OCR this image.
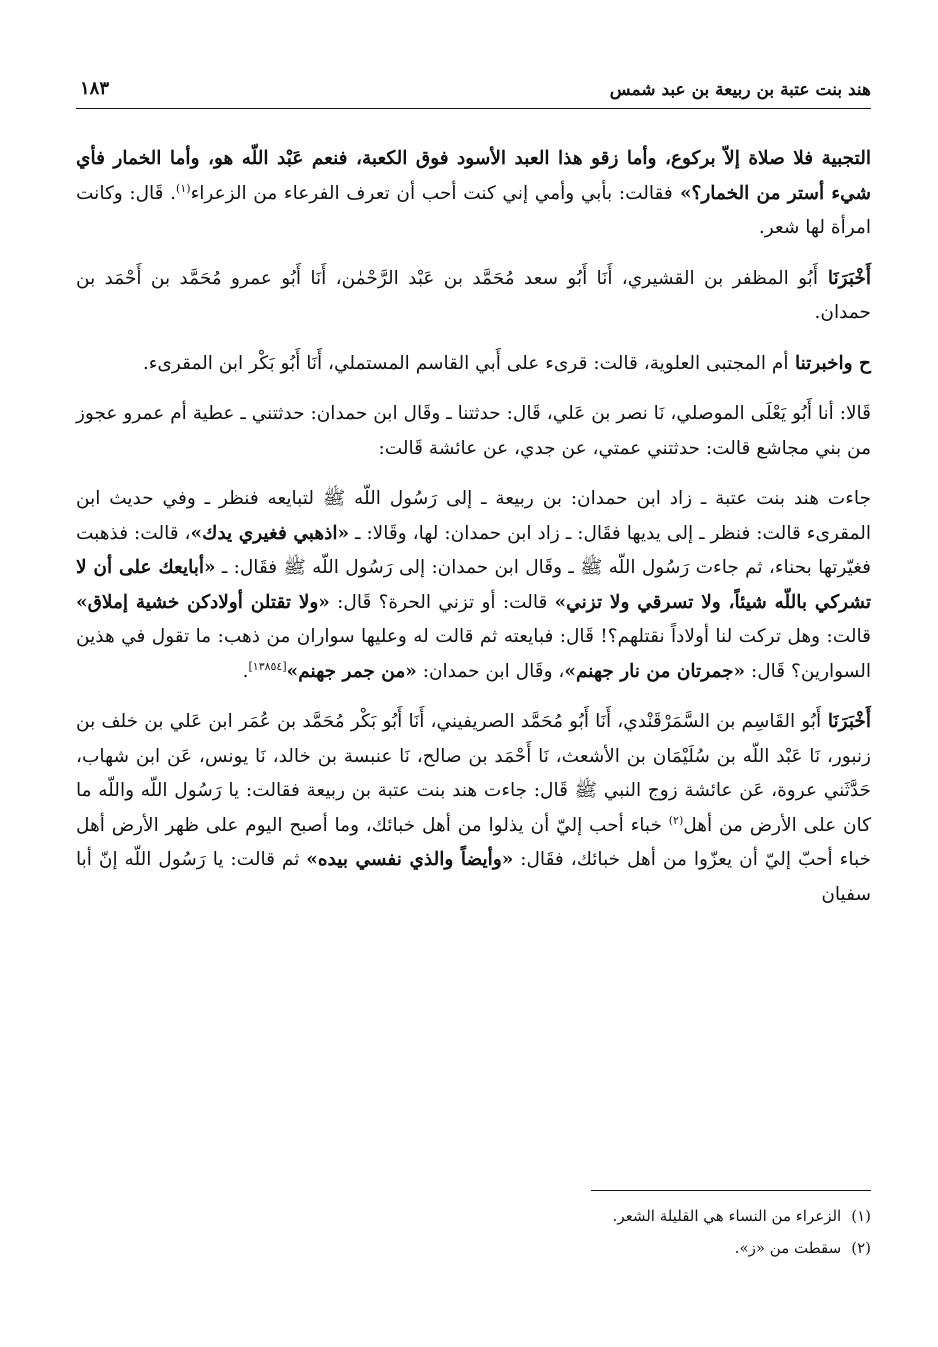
هند بنت عتبة بن ربيعة بن عبد شمس
١٨٣

التجبية فلا صلاة إلاّ بركوع، وأما زقو هذا العبد الأسود فوق الكعبة، فنعم عَبْد اللّه هو، وأما الخمار فأي شيء أستر من الخمار؟» فقالت: بأبي وأمي إني كنت أحب أن تعرف الفرعاء من الزعراء$^{(١)}$. قَال: وكانت امرأة لها شعر.

أَخْبَرَنَا أَبُو المظفر بن القشيري، أَنَا أَبُو سعد مُحَمَّد بن عَبْد الرَّحْمٰن، أَنَا أَبُو عمرو مُحَمَّد بن أَحْمَد بن حمدان.

ح واخبرتنا أم المجتبى العلوية، قالت: قرىء على أَبي القاسم المستملي، أَنَا أَبُو بَكْر ابن المقرىء.

قَالا: أنا أَبُو يَعْلَى الموصلي، نَا نصر بن عَلي، قَال: حدثتنا ـ وقَال ابن حمدان: حدثتني ـ عطية أم عمرو عجوز من بني مجاشع قالت: حدثتني عمتي، عن جدي، عن عائشة قَالت:

جاءت هند بنت عتبة ـ زاد ابن حمدان: بن ربيعة ـ إلى رَسُول اللّه ﷺ لتبايعه فنظر ـ وفي حديث ابن المقرىء قالت: فنظر ـ إلى يديها فقَال: ـ زاد ابن حمدان: لها، وقَالا: ـ «اذهبي فغيري يدك»، قالت: فذهبت فغيّرتها بحناء، ثم جاءت رَسُول اللّه ﷺ ـ وقَال ابن حمدان: إلى رَسُول اللّه ﷺ فقَال: ـ «أبايعك على أن لا تشركي باللّه شيئاً، ولا تسرقي ولا تزني» قالت: أو تزني الحرة؟ قَال: «ولا تقتلن أولادكن خشية إملاق» قالت: وهل تركت لنا أولاداً نقتلهم؟! قَال: فبايعته ثم قالت له وعليها سواران من ذهب: ما تقول في هذين السوارين؟ قَال: «جمرتان من نار جهنم»، وقَال ابن حمدان: «من جمر جهنم»[١٣٨٥٤].

أَخْبَرَنَا أَبُو القَاسِم بن السَّمَرْقَنْدي، أَنَا أَبُو مُحَمَّد الصريفيني، أَنَا أَبُو بَكْر مُحَمَّد بن عُمَر ابن عَلي بن خلف بن زنبور، نَا عَبْد اللّه بن سُلَيْمَان بن الأشعث، نَا أَحْمَد بن صالح، نَا عنبسة بن خالد، نَا يونس، عَن ابن شهاب، حَدَّثَني عروة، عَن عائشة زوج النبي ﷺ قَال: جاءت هند بنت عتبة بن ربيعة فقالت: يا رَسُول اللّه واللّه ما كان على الأرض من أهل$^{(٢)}$ خباء أحب إليّ أن يذلوا من أهل خبائك، وما أصبح اليوم على ظهر الأرض أهل خباء أحبّ إليّ أن يعزّوا من أهل خبائك، فقَال: «وأيضاً والذي نفسي بيده» ثم قالت: يا رَسُول اللّه إنّ أبا سفيان

(١)الزعراء من النساء هي القليلة الشعر.
(٢)سقطت من «ز».
